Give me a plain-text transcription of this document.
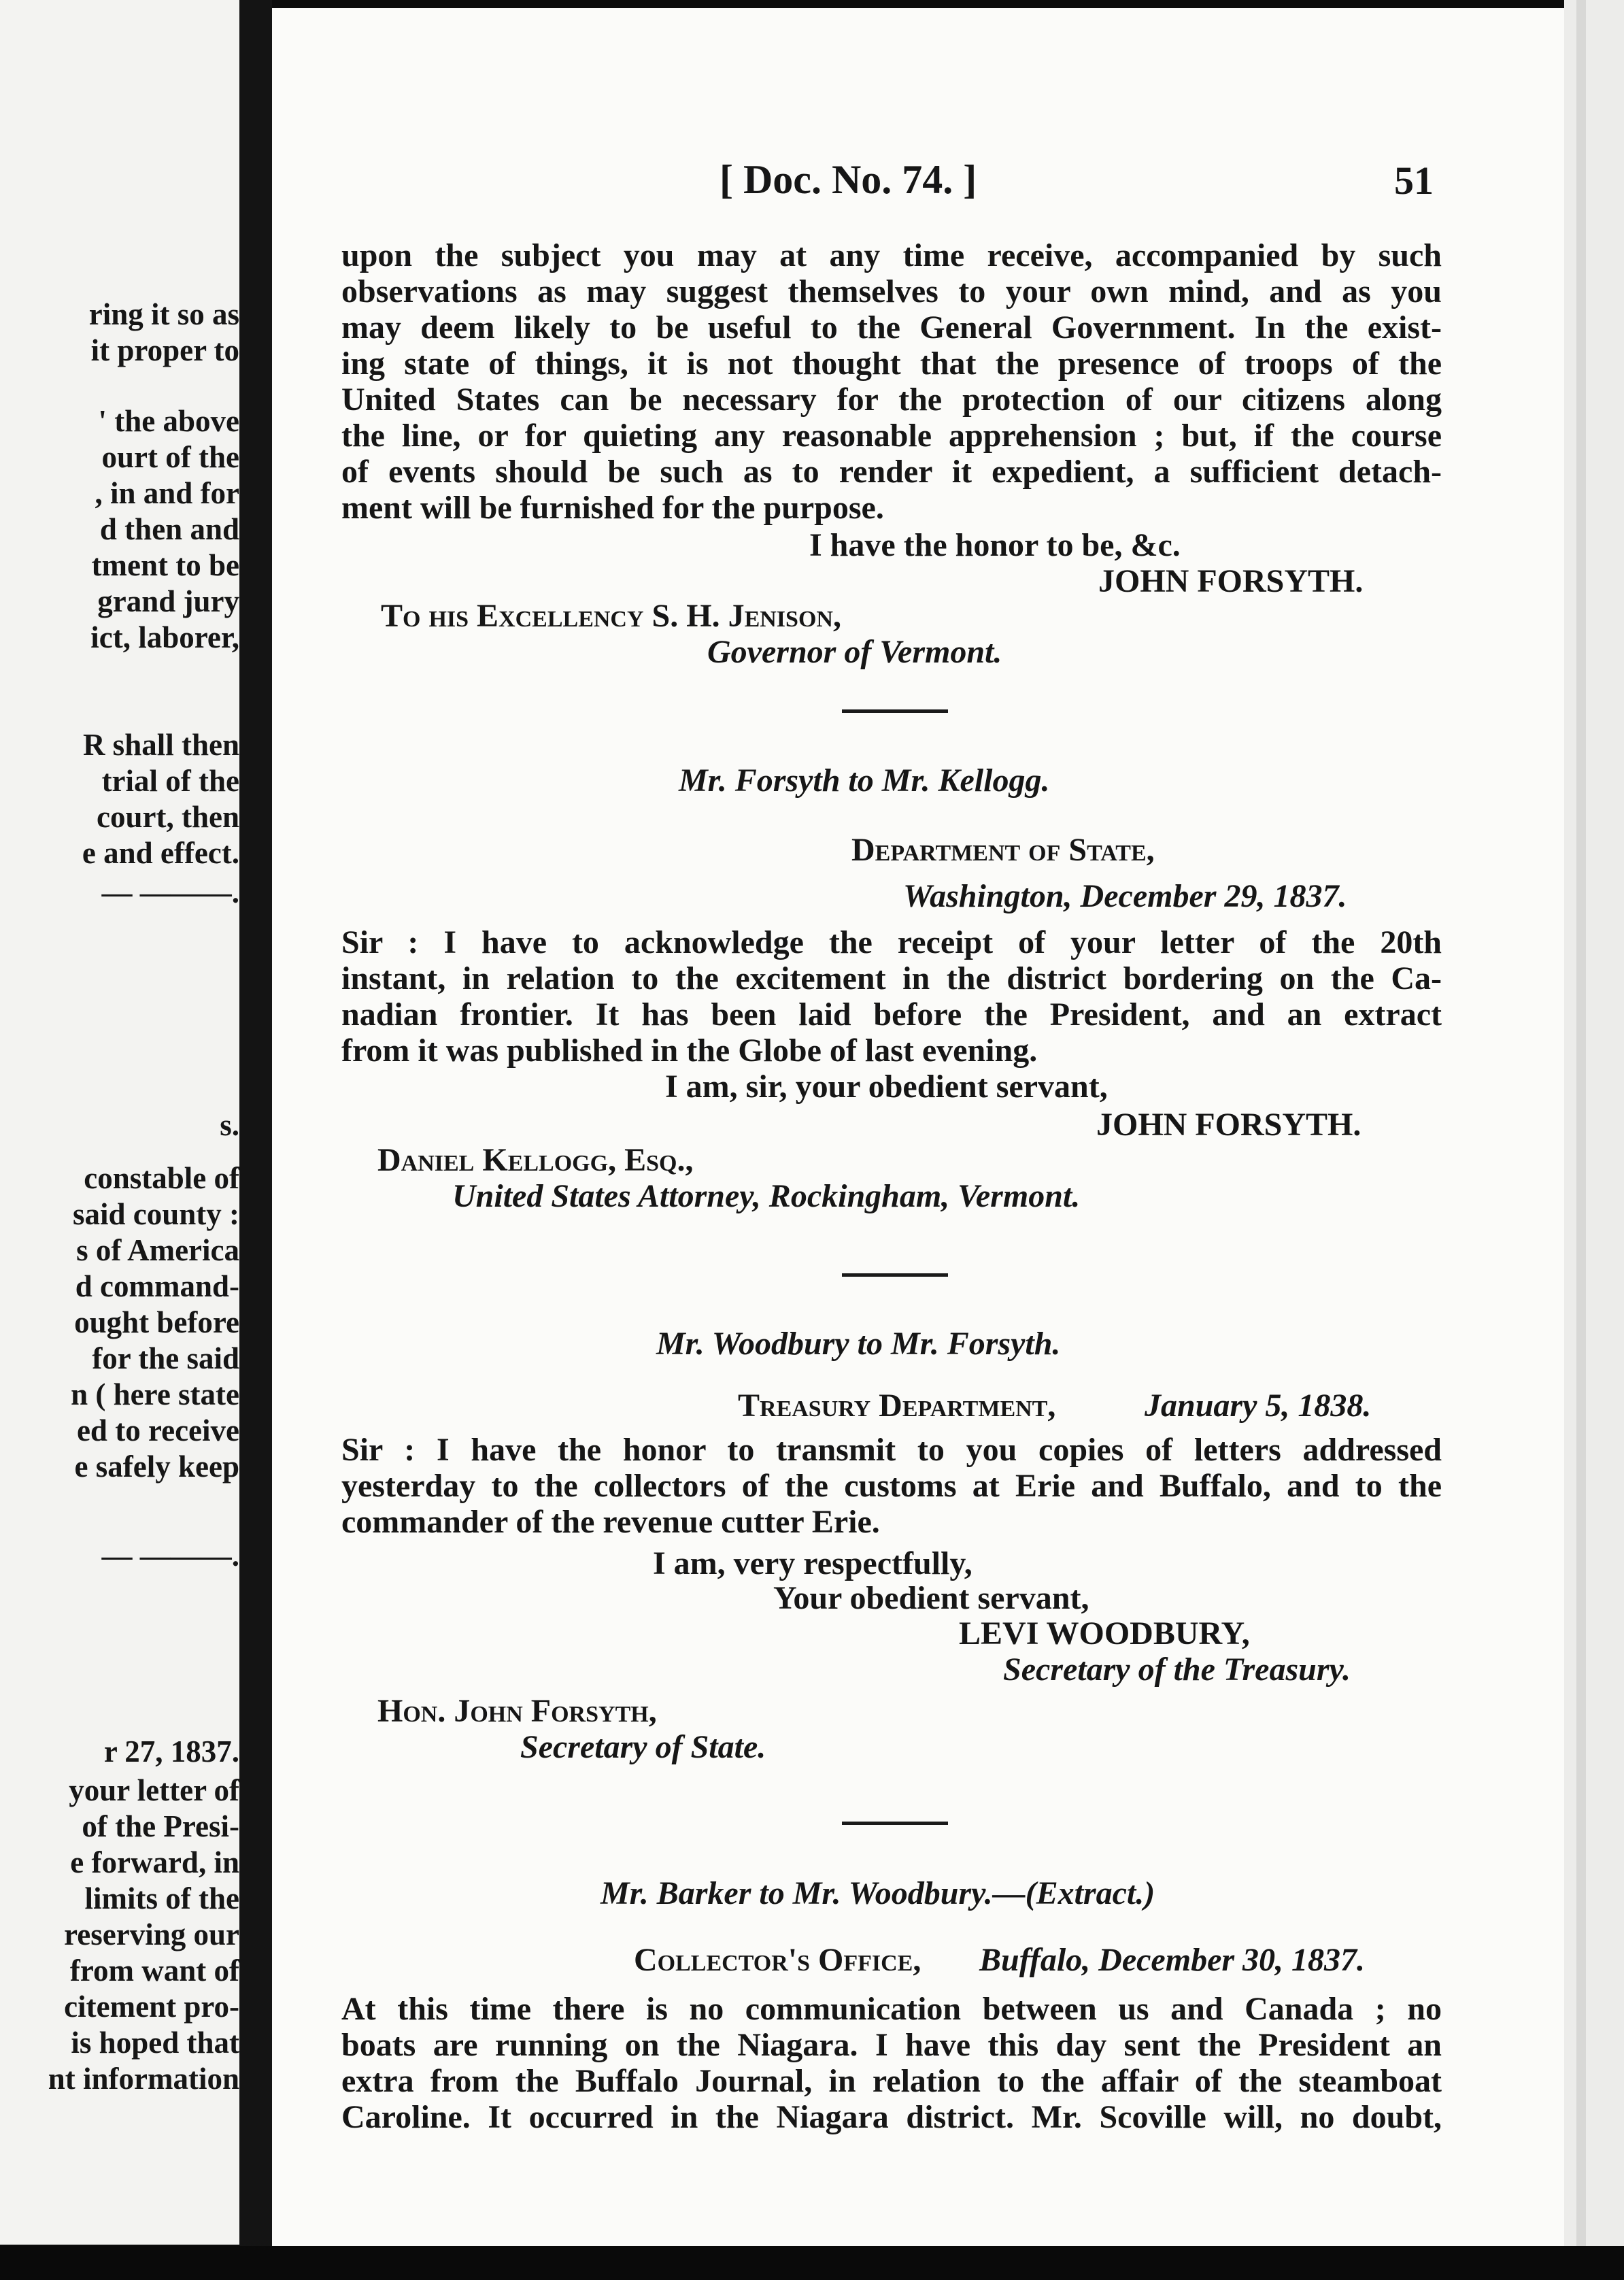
ring it so as
it proper to
' the above
ourt of the
, in and for
d then and
tment to be
grand jury
ict, laborer,
R shall then
trial of the
court, then
e and effect.
— ———.
s.
constable of
said county :
s of America
d command-
ought before
for the said
n ( here state
ed to receive
e safely keep
— ———.
r 27, 1837.
your letter of
of the Presi-
e forward, in
limits of the
reserving our
from want of
citement pro-
is hoped that
nt information
[ Doc. No. 74. ]	51
upon the subject you may at any time receive, accompanied by such
observations as may suggest themselves to your own mind, and as you
may deem likely to be useful to the General Government. In the exist-
ing state of things, it is not thought that the presence of troops of the
United States can be necessary for the protection of our citizens along
the line, or for quieting any reasonable apprehension ; but, if the course
of events should be such as to render it expedient, a sufficient detach-
ment will be furnished for the purpose.
I have the honor to be, &c.
JOHN FORSYTH.
To his Excellency S. H. Jenison,
Governor of Vermont.
Mr. Forsyth to Mr. Kellogg.
Department of State,
Washington, December 29, 1837.
Sir : I have to acknowledge the receipt of your letter of the 20th
instant, in relation to the excitement in the district bordering on the Ca-
nadian frontier. It has been laid before the President, and an extract
from it was published in the Globe of last evening.
I am, sir, your obedient servant,
JOHN FORSYTH.
Daniel Kellogg, Esq.,
United States Attorney, Rockingham, Vermont.
Mr. Woodbury to Mr. Forsyth.
Treasury Department,	January 5, 1838.
Sir : I have the honor to transmit to you copies of letters addressed
yesterday to the collectors of the customs at Erie and Buffalo, and to the
commander of the revenue cutter Erie.
I am, very respectfully,
Your obedient servant,
LEVI WOODBURY,
Secretary of the Treasury.
Hon. John Forsyth,
Secretary of State.
Mr. Barker to Mr. Woodbury.—(Extract.)
Collector's Office, Buffalo, December 30, 1837.
At this time there is no communication between us and Canada ; no
boats are running on the Niagara. I have this day sent the President an
extra from the Buffalo Journal, in relation to the affair of the steamboat
Caroline. It occurred in the Niagara district. Mr. Scoville will, no doubt,
